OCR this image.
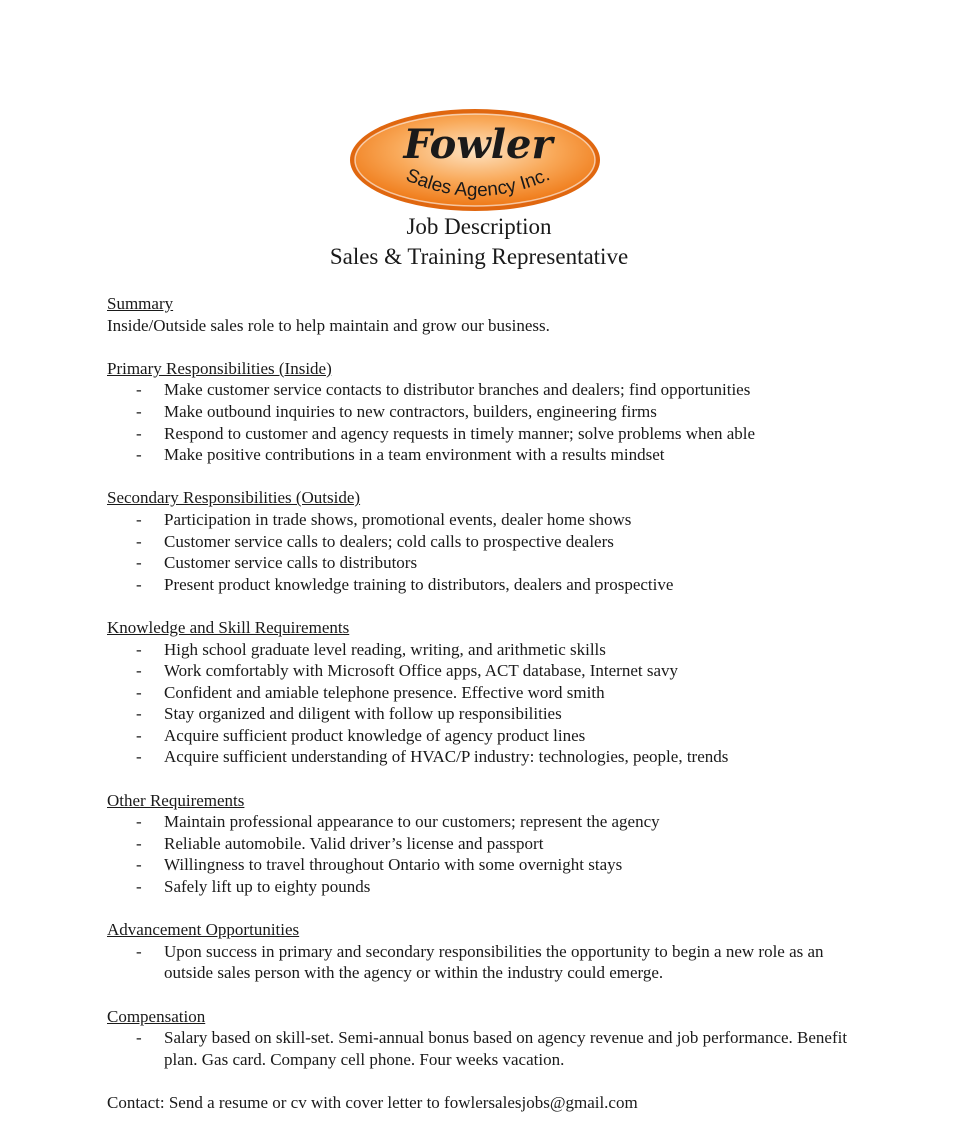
Fowler
Sales Agency Inc.

Job Description

Sales & Training Representative

Summary

Inside/Outside sales role to help maintain and grow our business.

Primary Responsibilities (Inside)

- Make customer service contacts to distributor branches and dealers; find opportunities
- Make outbound inquiries to new contractors, builders, engineering firms
- Respond to customer and agency requests in timely manner; solve problems when able
- Make positive contributions in a team environment with a results mindset

Secondary Responsibilities (Outside)

- Participation in trade shows, promotional events, dealer home shows
- Customer service calls to dealers; cold calls to prospective dealers
- Customer service calls to distributors
- Present product knowledge training to distributors, dealers and prospective

Knowledge and Skill Requirements

- High school graduate level reading, writing, and arithmetic skills
- Work comfortably with Microsoft Office apps, ACT database, Internet savy
- Confident and amiable telephone presence. Effective word smith
- Stay organized and diligent with follow up responsibilities
- Acquire sufficient product knowledge of agency product lines
- Acquire sufficient understanding of HVAC/P industry: technologies, people, trends

Other Requirements

- Maintain professional appearance to our customers; represent the agency
- Reliable automobile. Valid driver’s license and passport
- Willingness to travel throughout Ontario with some overnight stays
- Safely lift up to eighty pounds

Advancement Opportunities

- Upon success in primary and secondary responsibilities the opportunity to begin a new role as an outside sales person with the agency or within the industry could emerge.

Compensation

- Salary based on skill-set. Semi-annual bonus based on agency revenue and job performance. Benefit plan. Gas card. Company cell phone. Four weeks vacation.

Contact: Send a resume or cv with cover letter to fowlersalesjobs@gmail.com
